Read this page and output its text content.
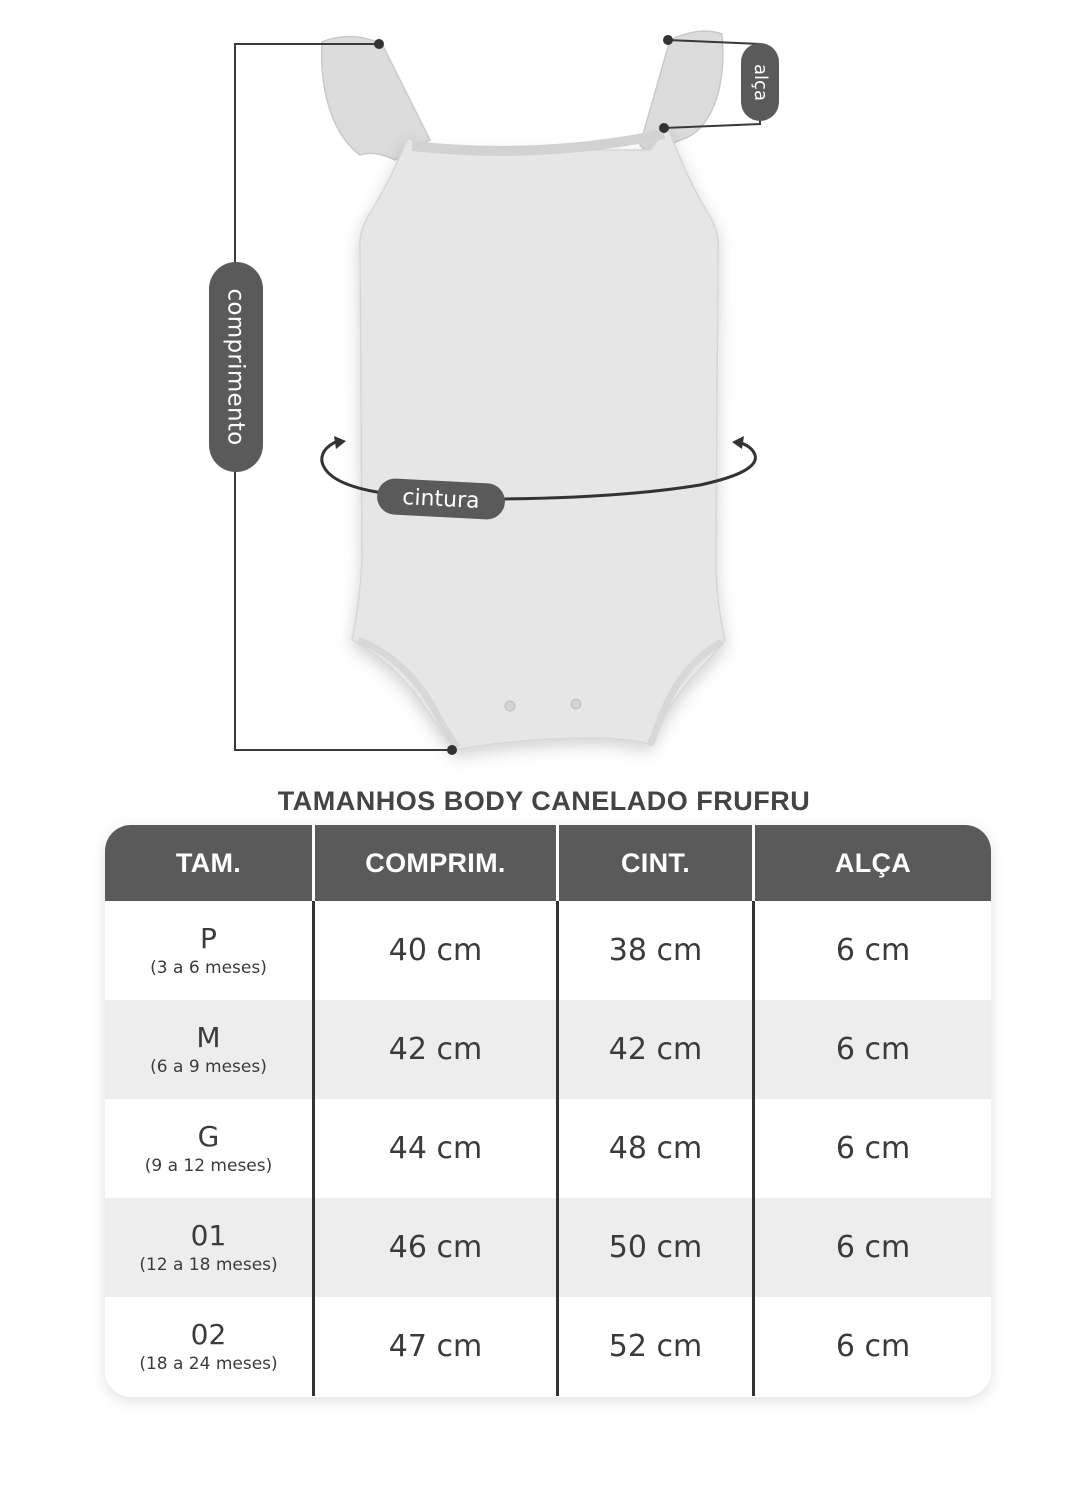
comprimento
alça
cintura
TAMANHOS BODY CANELADO FRUFRU
TAM.	COMPRIM.	CINT.	ALÇA
P
(3 a 6 meses)	40 cm	38 cm	6 cm
M
(6 a 9 meses)	42 cm	42 cm	6 cm
G
(9 a 12 meses)	44 cm	48 cm	6 cm
01
(12 a 18 meses)	46 cm	50 cm	6 cm
02
(18 a 24 meses)	47 cm	52 cm	6 cm
